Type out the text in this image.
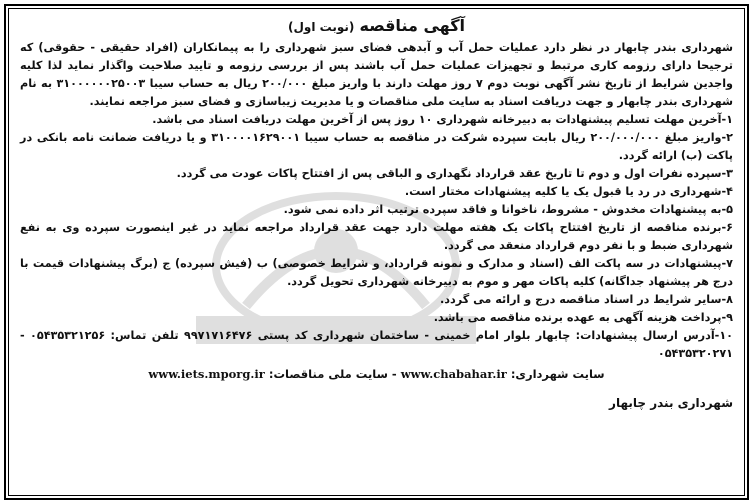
آگهی مناقصه (نوبت اول)

شهرداری بندر چابهار در نظر دارد عملیات حمل آب و آبدهی فضای سبز شهرداری را به پیمانکاران (افراد حقیقی - حقوقی) که ترجیحا دارای رزومه کاری مرتبط و تجهیزات عملیات حمل آب باشند پس از بررسی رزومه و تایید صلاحیت واگذار نماید لذا کلیه واجدین شرایط از تاریخ نشر آگهی نوبت دوم ۷ روز مهلت دارند با واریز مبلغ ۲۰۰/۰۰۰ ریال به حساب سیبا ۳۱۰۰۰۰۰۰۲۵۰۰۳ به نام شهرداری بندر چابهار و جهت دریافت اسناد به سایت ملی مناقصات و یا مدیریت زیباسازی و فضای سبز مراجعه نمایند.

۱-آخرین مهلت تسلیم پیشنهادات به دبیرخانه شهرداری ۱۰ روز پس از آخرین مهلت دریافت اسناد می باشد.

۲-واریز مبلغ ۲۰۰/۰۰۰/۰۰۰ ریال بابت سپرده شرکت در مناقصه به حساب سیبا ۳۱۰۰۰۰۱۶۲۹۰۰۱ و یا دریافت ضمانت نامه بانکی در پاکت (ب) ارائه گردد.

۳-سپرده نفرات اول و دوم تا تاریخ عقد قرارداد نگهداری و الباقی پس از افتتاح پاکات عودت می گردد.

۴-شهرداری در رد یا قبول یک یا کلیه پیشنهادات مختار است.

۵-به پیشنهادات مخدوش - مشروط، ناخوانا و فاقد سپرده ترتیب اثر داده نمی شود.

۶-برنده مناقصه از تاریخ افتتاح پاکات یک هفته مهلت دارد جهت عقد قرارداد مراجعه نماید در غیر اینصورت سپرده وی به نفع شهرداری ضبط و با نفر دوم قرارداد منعقد می گردد.

۷-پیشنهادات در سه پاکت الف (اسناد و مدارک و نمونه قرارداد، و شرایط خصوصی) ب (فیش سپرده) ج (برگ پیشنهادات قیمت با درج هر پیشنهاد جداگانه) کلیه پاکات مهر و موم به دبیرخانه شهرداری تحویل گردد.

۸-سایر شرایط در اسناد مناقصه درج و ارائه می گردد.

۹-پرداخت هزینه آگهی به عهده برنده مناقصه می باشد.

۱۰-آدرس ارسال پیشنهادات: چابهار بلوار امام خمینی - ساختمان شهرداری کد پستی ۹۹۷۱۷۱۶۴۷۶ تلفن تماس: ۰۵۴۳۵۳۲۱۲۵۶ - ۰۵۴۳۵۳۲۰۲۷۱

سایت شهرداری: www.chabahar.ir - سایت ملی مناقصات: www.iets.mporg.ir
شهرداری بندر چابهار
